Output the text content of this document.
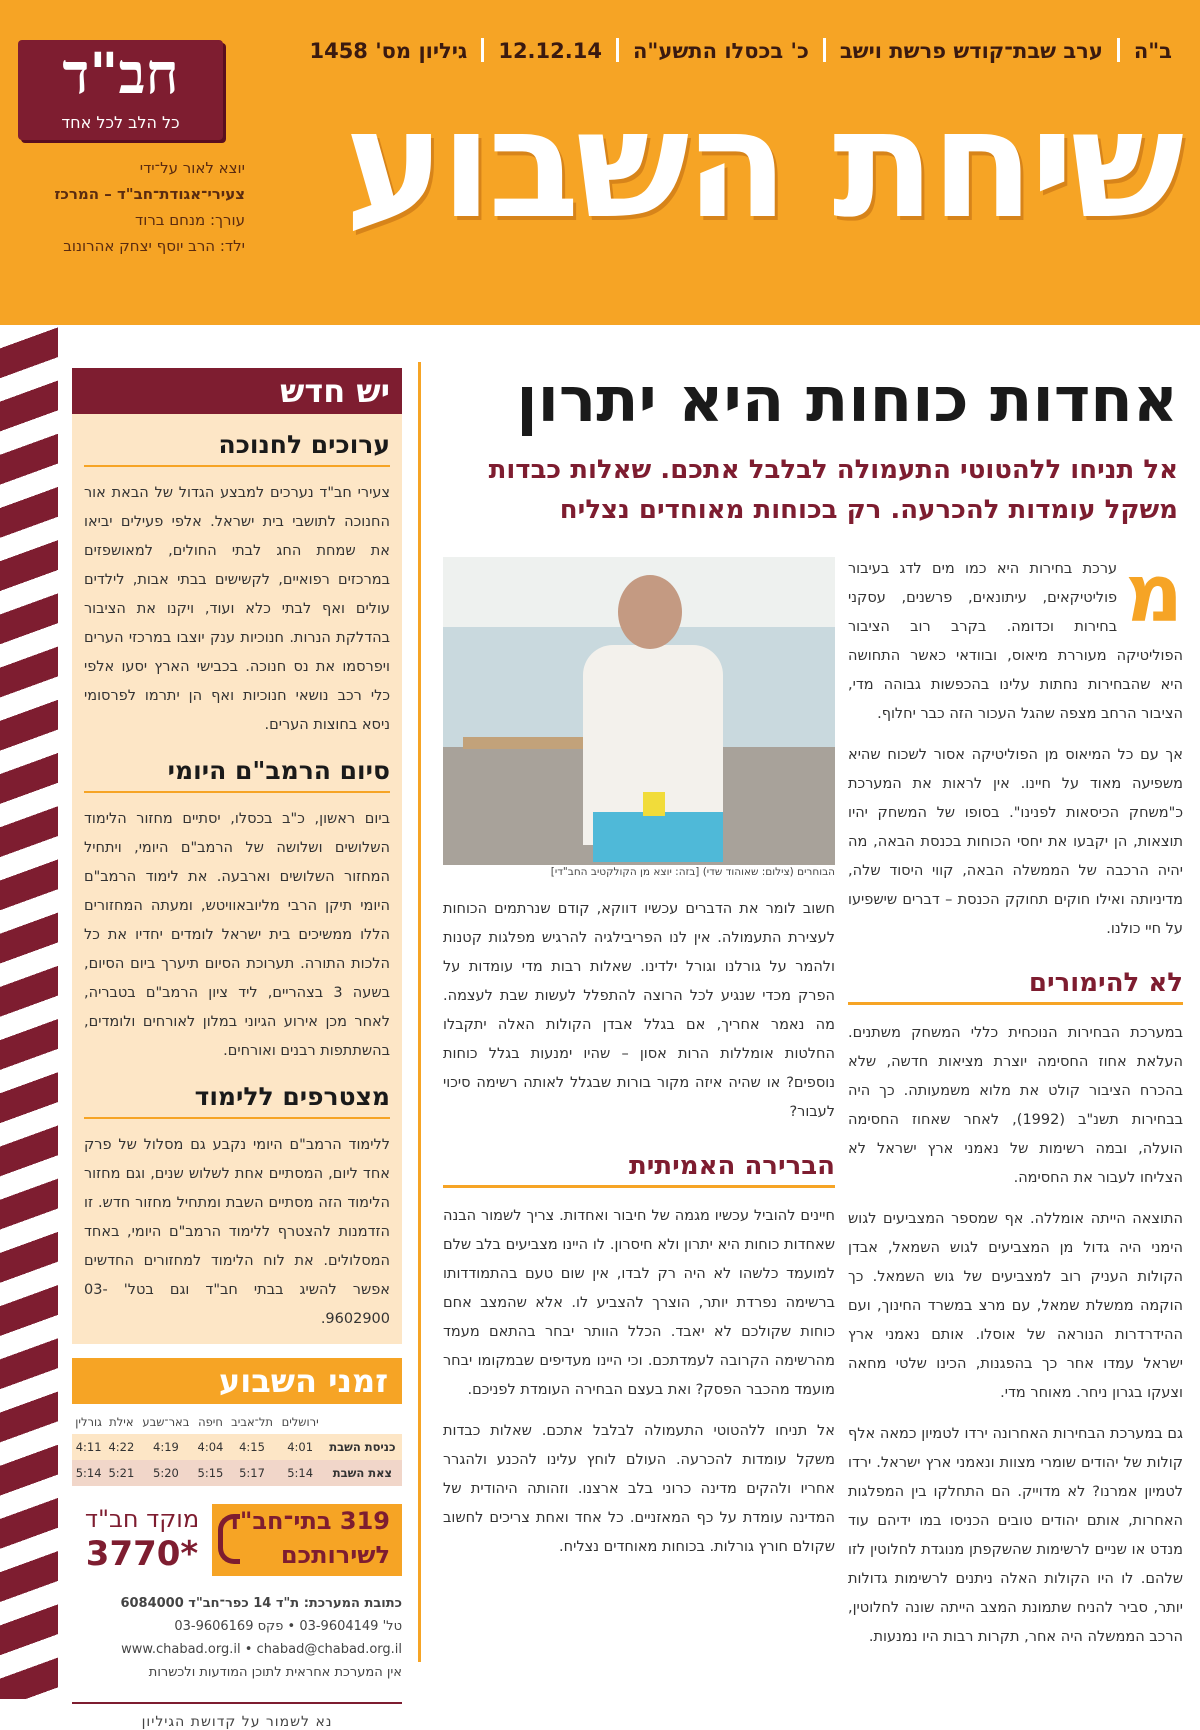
ב"הערב שבת־קודש פרשת וישבכ' בכסלו התשע"ה12.12.14גיליון מס' 1458
שיחת השבוע
חב"ד
כל הלב לכל אחד
יוצא לאור על־ידי
צעירי־אגודת־חב"ד – המרכז
עורך: מנחם ברוד
ילד: הרב יוסף יצחק אהרונוב
יש חדש
ערוכים לחנוכה
צעירי חב"ד נערכים למבצע הגדול של הבאת אור החנוכה לתושבי בית ישראל. אלפי פעילים יביאו את שמחת החג לבתי החולים, למאושפזים במרכזים רפואיים, לקשישים בבתי אבות, לילדים עולים ואף לבתי כלא ועוד, ויקנו את הציבור בהדלקת הנרות. חנוכיות ענק יוצבו במרכזי הערים ויפרסמו את נס חנוכה. בכבישי הארץ יסעו אלפי כלי רכב נושאי חנוכיות ואף הן יתרמו לפרסומי ניסא בחוצות הערים.
סיום הרמב"ם היומי
ביום ראשון, כ"ב בכסלו, יסתיים מחזור הלימוד השלושים ושלושה של הרמב"ם היומי, ויתחיל המחזור השלושים וארבעה. את לימוד הרמב"ם היומי תיקן הרבי מליובאוויטש, ומעתה המחזורים הללו ממשיכים בית ישראל לומדים יחדיו את כל הלכות התורה. תערוכת הסיום תיערך ביום הסיום, בשעה 3 בצהריים, ליד ציון הרמב"ם בטבריה, לאחר מכן אירוע הגיוני במלון לאורחים ולומדים, בהשתתפות רבנים ואורחים.
מצטרפים ללימוד
ללימוד הרמב"ם היומי נקבע גם מסלול של פרק אחד ליום, המסתיים אחת לשלוש שנים, וגם מחזור הלימוד הזה מסתיים השבת ומתחיל מחזור חדש. זו הזדמנות להצטרף ללימוד הרמב"ם היומי, באחד המסלולים. את לוח הלימוד למחזורים החדשים אפשר להשיג בבתי חב"ד וגם בטל' 03-9602900.
זמני השבוע
	ירושלים	תל־אביב	חיפה	באר־שבע	אילת	גורלין
כניסת השבת	4:01	4:15	4:04	4:19	4:22	4:11
צאת השבת	5:14	5:17	5:15	5:20	5:21	5:14
319 בתי־חב"ד לשירותכם
מוקד חב"ד
*3770
כתובת המערכת: ת"ד 14 כפר־חב"ד 6084000
טל' 03-9604149 • פקס 03-9606169
www.chabad.org.il • chabad@chabad.org.il
אין המערכת אחראית לתוכן המודעות ולכשרות
נא לשמור על קדושת הגיליון
אחדות כוחות היא יתרון
אל תניחו ללהטוטי התעמולה לבלבל אתכם. שאלות כבדות משקל עומדות להכרעה. רק בכוחות מאוחדים נצליח
הבוחרים (צילום: שאוהוד שדי) [בזה: יוצא מן הקולקטיב החב"די]

מ
ערכת בחירות היא כמו מים לדג בעיבור פוליטיקאים, עיתונאים, פרשנים, עסקני בחירות וכדומה. בקרב רוב הציבור הפוליטיקה מעוררת מיאוס, ובוודאי כאשר התחושה היא שהבחירות נחתות עלינו בהכפשות גבוהה מדי, הציבור הרחב מצפה שהגל העכור הזה כבר יחלוף.

אך עם כל המיאוס מן הפוליטיקה אסור לשכוח שהיא משפיעה מאוד על חיינו. אין לראות את המערכת כ"משחק הכיסאות לפנינו". בסופו של המשחק יהיו תוצאות, הן יקבעו את יחסי הכוחות בכנסת הבאה, מה יהיה הרכבה של הממשלה הבאה, קווי היסוד שלה, מדיניותה ואילו חוקים תחוקק הכנסת – דברים שישפיעו על חיי כולנו.

לא להימורים

במערכת הבחירות הנוכחית כללי המשחק משתנים. העלאת אחוז החסימה יוצרת מציאות חדשה, שלא בהכרח הציבור קולט את מלוא משמעותה. כך היה בבחירות תשנ"ב (1992), לאחר שאחוז החסימה הועלה, ובמה רשימות של נאמני ארץ ישראל לא הצליחו לעבור את החסימה.

התוצאה הייתה אומללה. אף שמספר המצביעים לגוש הימני היה גדול מן המצביעים לגוש השמאל, אבדן הקולות העניק רוב למצביעים של גוש השמאל. כך הוקמה ממשלת שמאל, עם מרצ במשרד החינוך, ועם ההידרדרות הנוראה של אוסלו. אותם נאמני ארץ ישראל עמדו אחר כך בהפגנות, הכינו שלטי מחאה וצעקו בגרון ניחר. מאוחר מדי.

גם במערכת הבחירות האחרונה ירדו לטמיון כמאה אלף קולות של יהודים שומרי מצוות ונאמני ארץ ישראל. ירדו לטמיון אמרנו? לא מדוייק. הם התחלקו בין המפלגות האחרות, אותם יהודים טובים הכניסו במו ידיהם עוד מנדט או שניים לרשימות שהשקפתן מנוגדת לחלוטין לזו שלהם. לו היו הקולות האלה ניתנים לרשימות גדולות יותר, סביר להניח שתמונת המצב הייתה שונה לחלוטין, הרכב הממשלה היה אחר, תקרות רבות היו נמנעות.

חשוב לומר את הדברים עכשיו דווקא, קודם שנרתמים הכוחות לעצירת התעמולה. אין לנו הפריבילגיה להרגיש מפלגות קטנות ולהמר על גורלנו וגורל ילדינו. שאלות רבות מדי עומדות על הפרק מכדי שנגיע לכל הרוצה להתפלל לעשות שבת לעצמה. מה נאמר אחריך, אם בגלל אבדן הקולות האלה יתקבלו החלטות אומללות הרות אסון – שהיו ימנעות בגלל כוחות נוספים? או שהיה איזה מקור בורות שבגלל לאותה רשימה סיכוי לעבור?

הברירה האמיתית

חיינים להוביל עכשיו מגמה של חיבור ואחדות. צריך לשמור הבנה שאחדות כוחות היא יתרון ולא חיסרון. לו היינו מצביעים בלב שלם למועמד כלשהו לא היה רק לבדו, אין שום טעם בהתמודדותו ברשימה נפרדת יותר, הוצרך להצביע לו. אלא שהמצב אחם כוחות שקולכם לא יאבד. הכלל הוותר יבחר בהתאם מעמד מהרשימה הקרובה לעמדתכם. וכי היינו מעדיפים שבמקומו יבחר מועמד מהכבר הפסק? ואת בעצם הבחירה העומדת לפניכם.

אל תניחו ללהטוטי התעמולה לבלבל אתכם. שאלות כבדות משקל עומדות להכרעה. העולם לוחץ עלינו להכנע ולהגרר אחריו ולהקים מדינה כרוני בלב ארצנו. וזהותה היהודית של המדינה עומדת על כף המאזניים. כל אחד ואחת צריכים לחשוב שקולם חורץ גורלות. בכוחות מאוחדים נצליח.
